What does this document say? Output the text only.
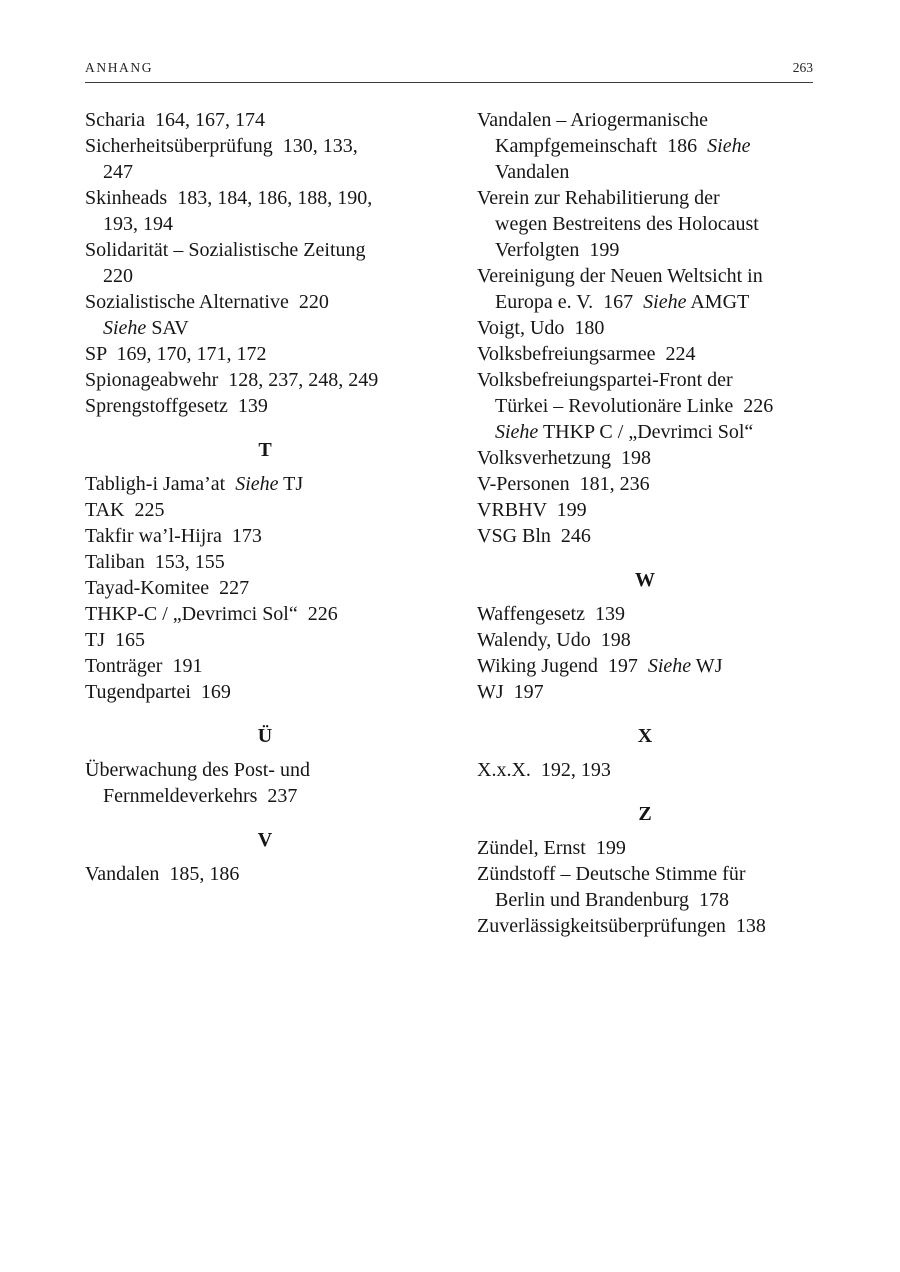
ANHANG	263
Scharia  164, 167, 174
Sicherheitsüberprüfung  130, 133,
247
Skinheads  183, 184, 186, 188, 190,
193, 194
Solidarität – Sozialistische Zeitung
220
Sozialistische Alternative  220
Siehe SAV
SP  169, 170, 171, 172
Spionageabwehr  128, 237, 248, 249
Sprengstoffgesetz  139
T
Tabligh-i Jama’at  Siehe TJ
TAK  225
Takfir wa’l-Hijra  173
Taliban  153, 155
Tayad-Komitee  227
THKP-C / „Devrimci Sol“  226
TJ  165
Tonträger  191
Tugendpartei  169
Ü
Überwachung des Post- und
Fernmeldeverkehrs  237
V
Vandalen  185, 186
Vandalen – Ariogermanische
Kampfgemeinschaft  186  Siehe
Vandalen
Verein zur Rehabilitierung der
wegen Bestreitens des Holocaust
Verfolgten  199
Vereinigung der Neuen Weltsicht in
Europa e. V.  167  Siehe AMGT
Voigt, Udo  180
Volksbefreiungsarmee  224
Volksbefreiungspartei-Front der
Türkei – Revolutionäre Linke  226
Siehe THKP C / „Devrimci Sol“
Volksverhetzung  198
V-Personen  181, 236
VRBHV  199
VSG Bln  246
W
Waffengesetz  139
Walendy, Udo  198
Wiking Jugend  197  Siehe WJ
WJ  197
X
X.x.X.  192, 193
Z
Zündel, Ernst  199
Zündstoff – Deutsche Stimme für
Berlin und Brandenburg  178
Zuverlässigkeitsüberprüfungen  138
